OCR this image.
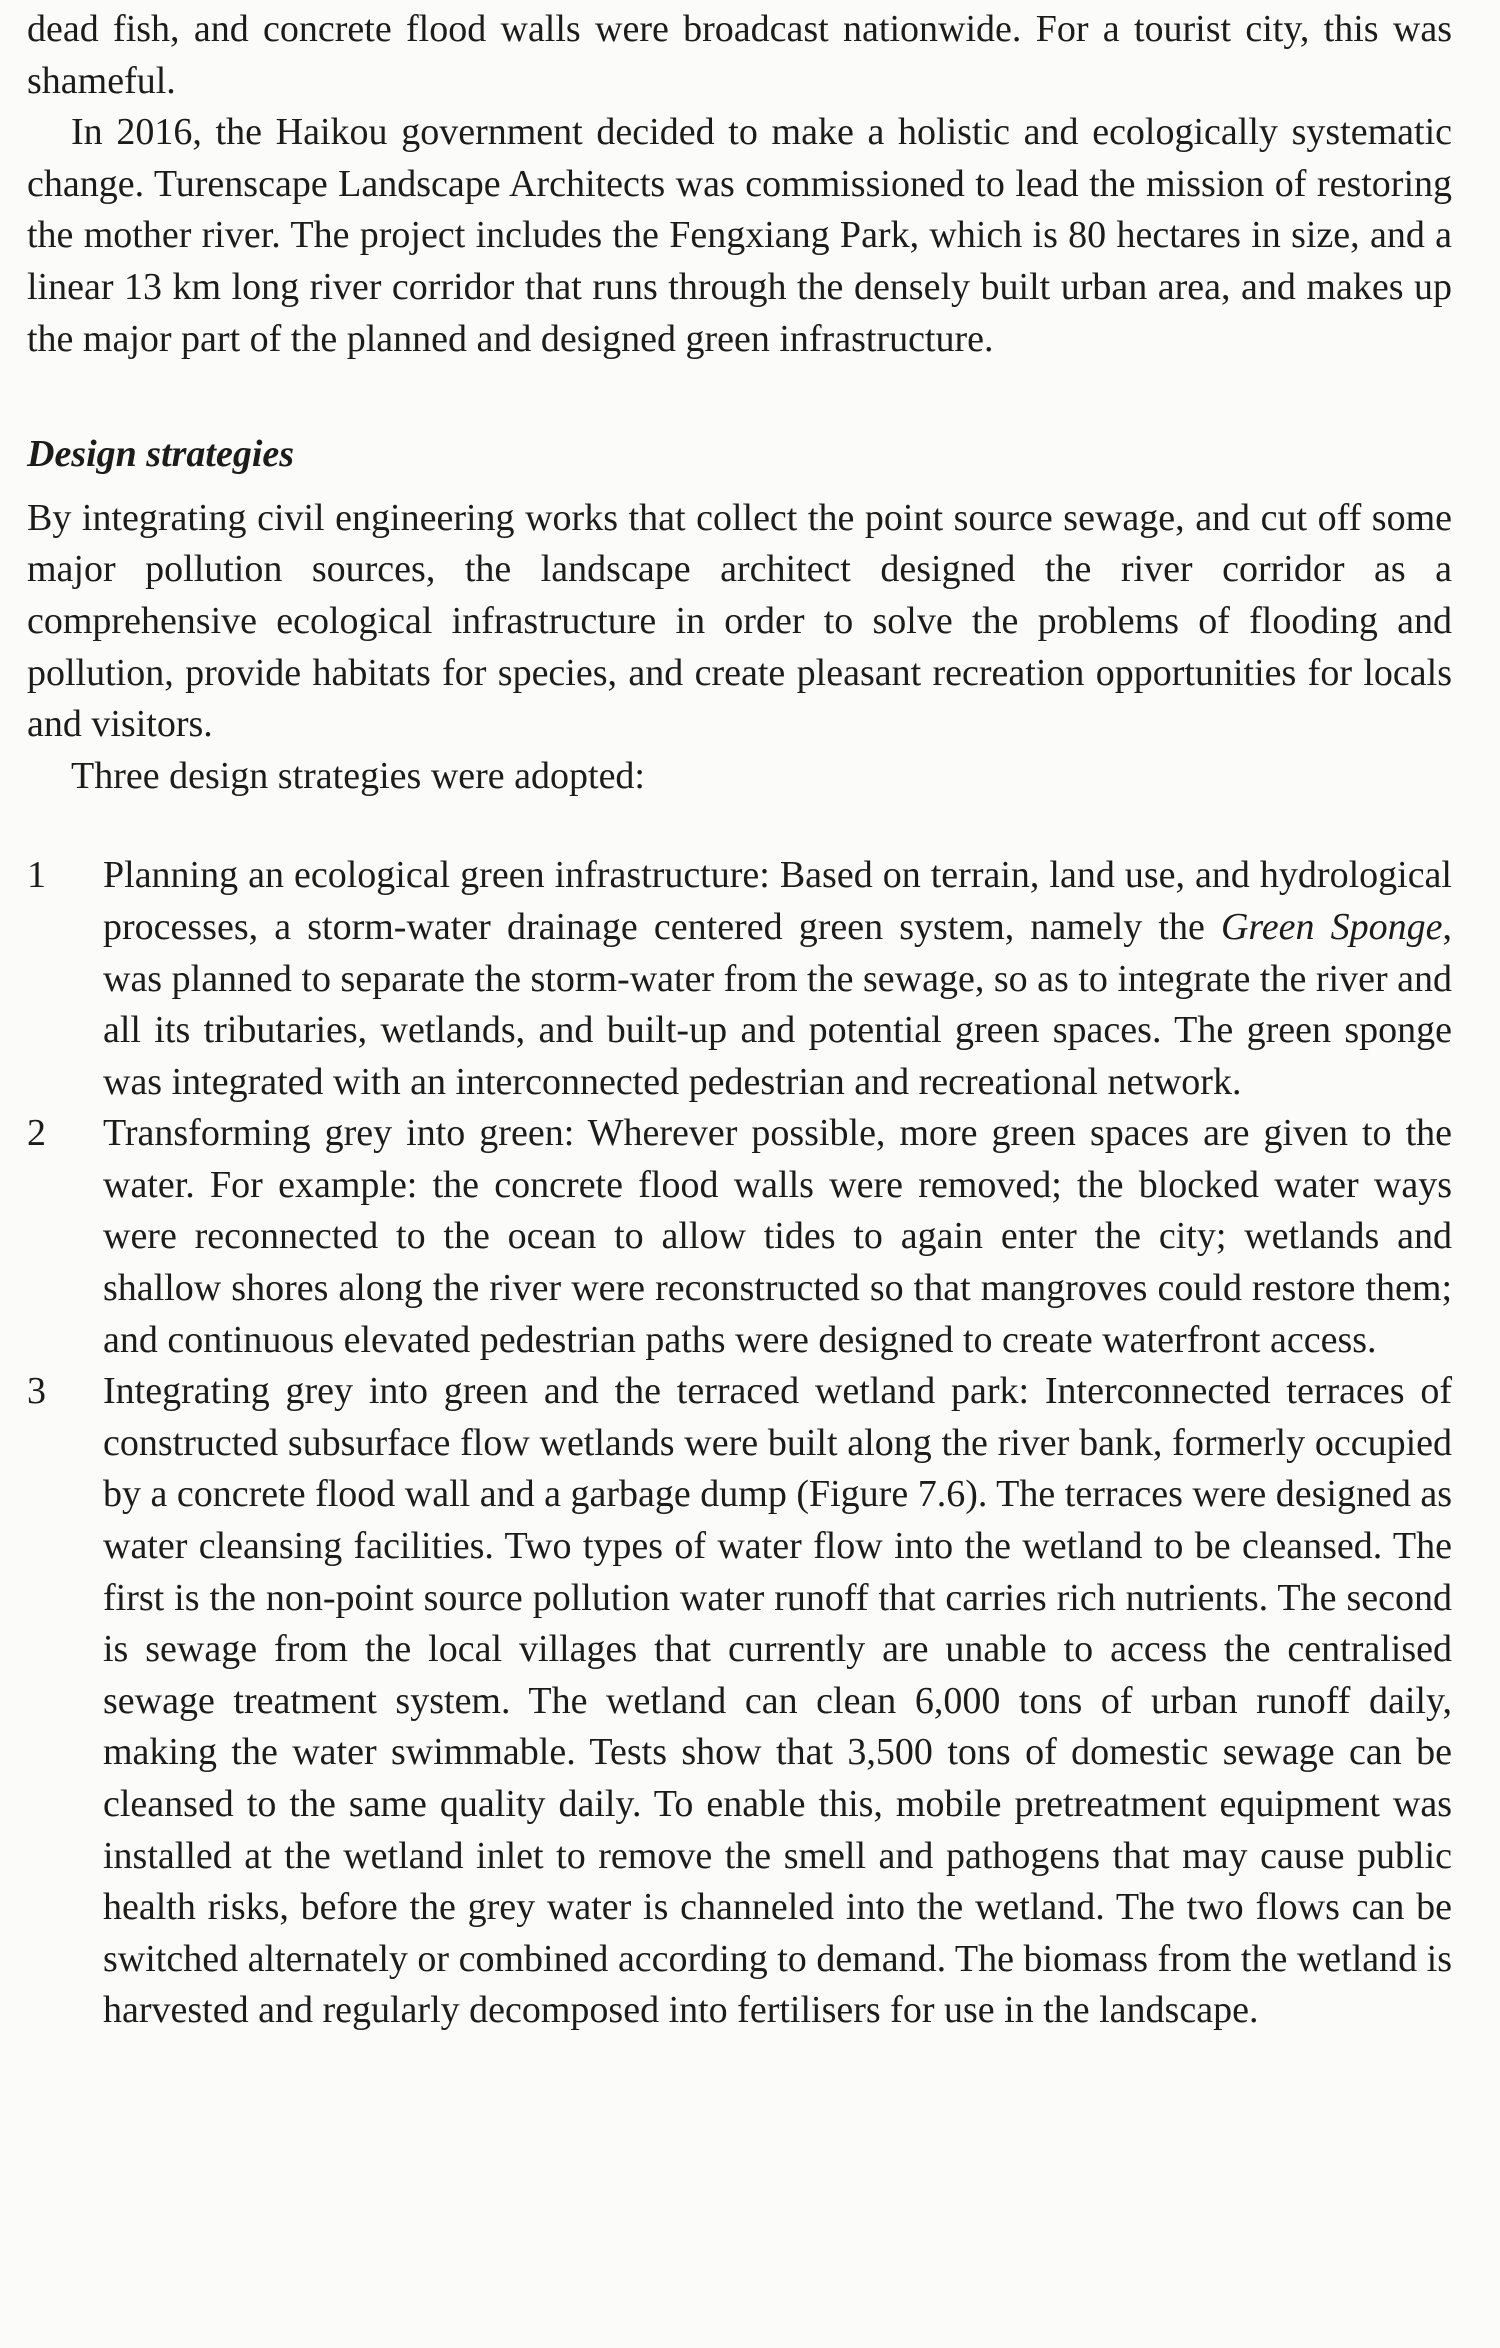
dead fish, and concrete flood walls were broadcast nationwide. For a tourist city, this was shameful.

In 2016, the Haikou government decided to make a holistic and ecologically systematic change. Turenscape Landscape Architects was commissioned to lead the mission of restoring the mother river. The project includes the Fengxiang Park, which is 80 hectares in size, and a linear 13 km long river corridor that runs through the densely built urban area, and makes up the major part of the planned and designed green infrastructure.

Design strategies

By integrating civil engineering works that collect the point source sewage, and cut off some major pollution sources, the landscape architect designed the river corridor as a comprehensive ecological infrastructure in order to solve the problems of flooding and pollution, provide habitats for species, and create pleasant recreation opportunities for locals and visitors.

Three design strategies were adopted:

1	Planning an ecological green infrastructure: Based on terrain, land use, and hydrological processes, a storm-water drainage centered green system, namely the Green Sponge, was planned to separate the storm-water from the sewage, so as to integrate the river and all its tributaries, wetlands, and built-up and potential green spaces. The green sponge was integrated with an interconnected pedestrian and recreational network.

2	Transforming grey into green: Wherever possible, more green spaces are given to the water. For example: the concrete flood walls were removed; the blocked water ways were reconnected to the ocean to allow tides to again enter the city; wetlands and shallow shores along the river were reconstructed so that mangroves could restore them; and continuous elevated pedestrian paths were designed to create waterfront access.

3	Integrating grey into green and the terraced wetland park: Interconnected terraces of constructed subsurface flow wetlands were built along the river bank, formerly occupied by a concrete flood wall and a garbage dump (Figure 7.6). The terraces were designed as water cleansing facilities. Two types of water flow into the wetland to be cleansed. The first is the non-point source pollution water runoff that carries rich nutrients. The second is sewage from the local villages that currently are unable to access the centralised sewage treatment system. The wetland can clean 6,000 tons of urban runoff daily, making the water swimmable. Tests show that 3,500 tons of domestic sewage can be cleansed to the same quality daily. To enable this, mobile pretreatment equipment was installed at the wetland inlet to remove the smell and pathogens that may cause public health risks, before the grey water is channeled into the wetland. The two flows can be switched alternately or combined according to demand. The biomass from the wetland is harvested and regularly decomposed into fertilisers for use in the landscape.
